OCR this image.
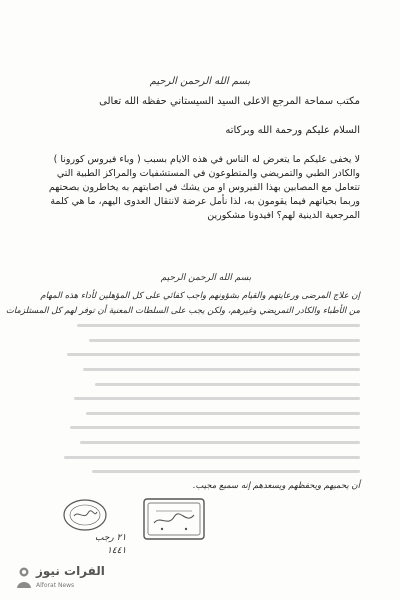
بسم الله الرحمن الرحيم
مكتب سماحة المرجع الاعلى السيد السيستاني حفظه الله تعالى
السلام عليكم ورحمة الله وبركاته
لا يخفى عليكم ما يتعرض له الناس في هذه الايام بسبب ( وباء فيروس كورونا )
والكادر الطبي والتمريضي والمتطوعون في المستشفيات والمراكز الطبية التي
تتعامل مع المصابين بهذا الفيروس او من يشك في اصابتهم به يخاطرون بصحتهم
وربما بحياتهم فيما يقومون به، لذا نأمل عرضة لانتقال العدوى اليهم، ما هي كلمة
المرجعية الدينية لهم؟ افيدونا مشكورين
بسم الله الرحمن الرحيم
إن علاج المرضى ورعايتهم والقيام بشؤونهم واجب كفائي على كل المؤهلين لأداء هذه المهام
من الأطباء والكادر التمريضي وغيرهم، ولكن يجب على السلطات المعنية أن توفر لهم كل المستلزمات
أن يحميهم ويحفظهم ويسعدهم إنه سميع مجيب.
٢١ رجب
١٤٤١
الفرات نيوز
Alforat News
